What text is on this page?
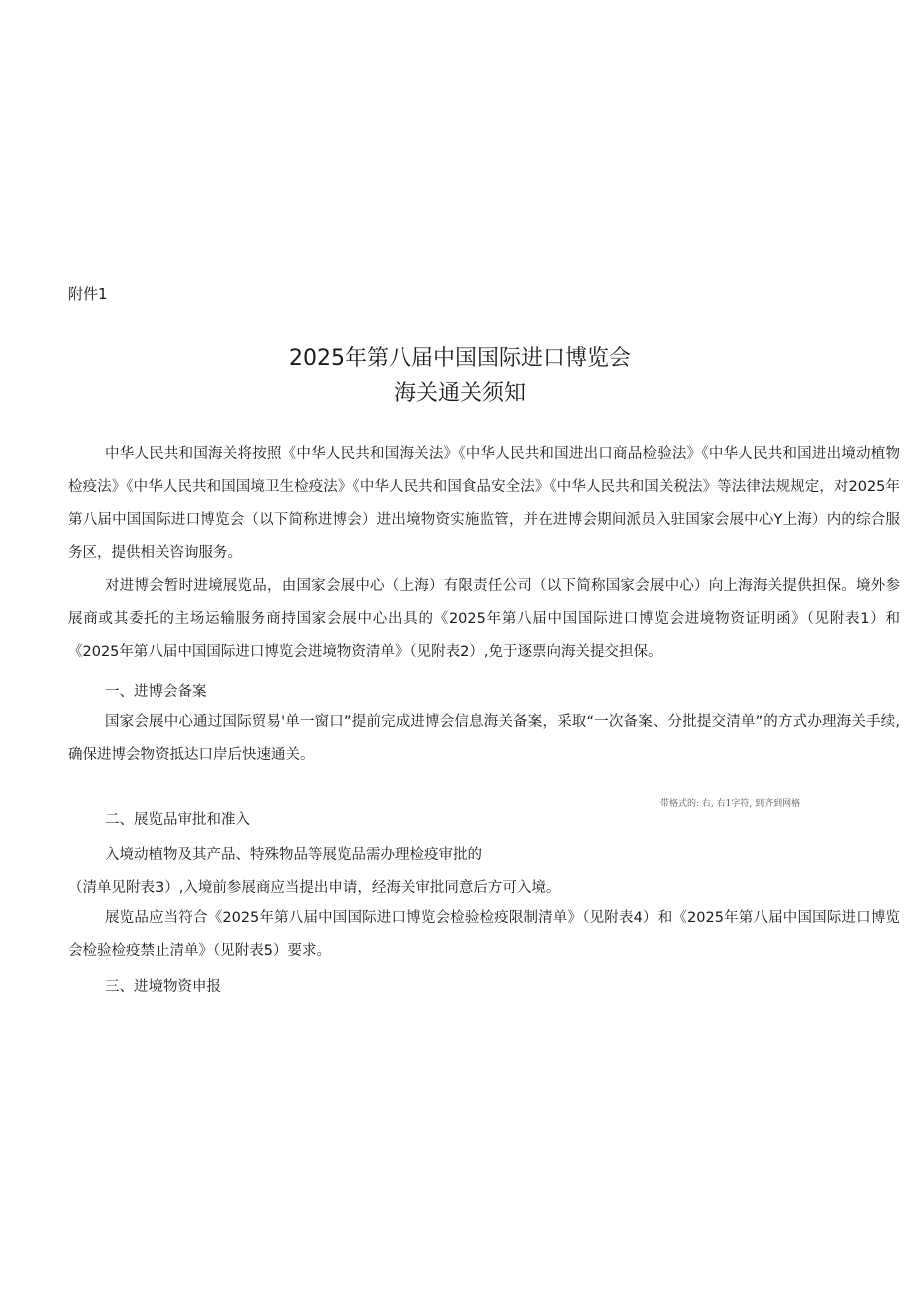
附件1
2025年第八届中国国际进口博览会
海关通关须知

中华人民共和国海关将按照《中华人民共和国海关法》《中华人民共和国进出口商品检验法》《中华人民共和国进出境动植物检疫法》《中华人民共和国国境卫生检疫法》《中华人民共和国食品安全法》《中华人民共和国关税法》等法律法规规定，对2025年第八届中国国际进口博览会（以下简称进博会）进出境物资实施监管，并在进博会期间派员入驻国家会展中心Y上海）内的综合服务区，提供相关咨询服务。

对进博会暂时进境展览品，由国家会展中心（上海）有限责任公司（以下简称国家会展中心）向上海海关提供担保。境外参展商或其委托的主场运输服务商持国家会展中心出具的《2025年第八届中国国际进口博览会进境物资证明函》（见附表1）和《2025年第八届中国国际进口博览会进境物资清单》（见附表2）,免于逐票向海关提交担保。

一、进博会备案

国家会展中心通过国际贸易'单一窗口”提前完成进博会信息海关备案，采取“一次备案、分批提交清单”的方式办理海关手续,确保进博会物资抵达口岸后快速通关。

带格式的: 右, 右1字符, 到齐到网格
二、展览品审批和准入
入境动植物及其产品、特殊物品等展览品需办理检疫审批的
（清单见附表3）,入境前参展商应当提出申请，经海关审批同意后方可入境。

展览品应当符合《2025年第八届中国国际进口博览会检验检疫限制清单》（见附表4）和《2025年第八届中国国际进口博览会检验检疫禁止清单》（见附表5）要求。

三、进境物资申报
